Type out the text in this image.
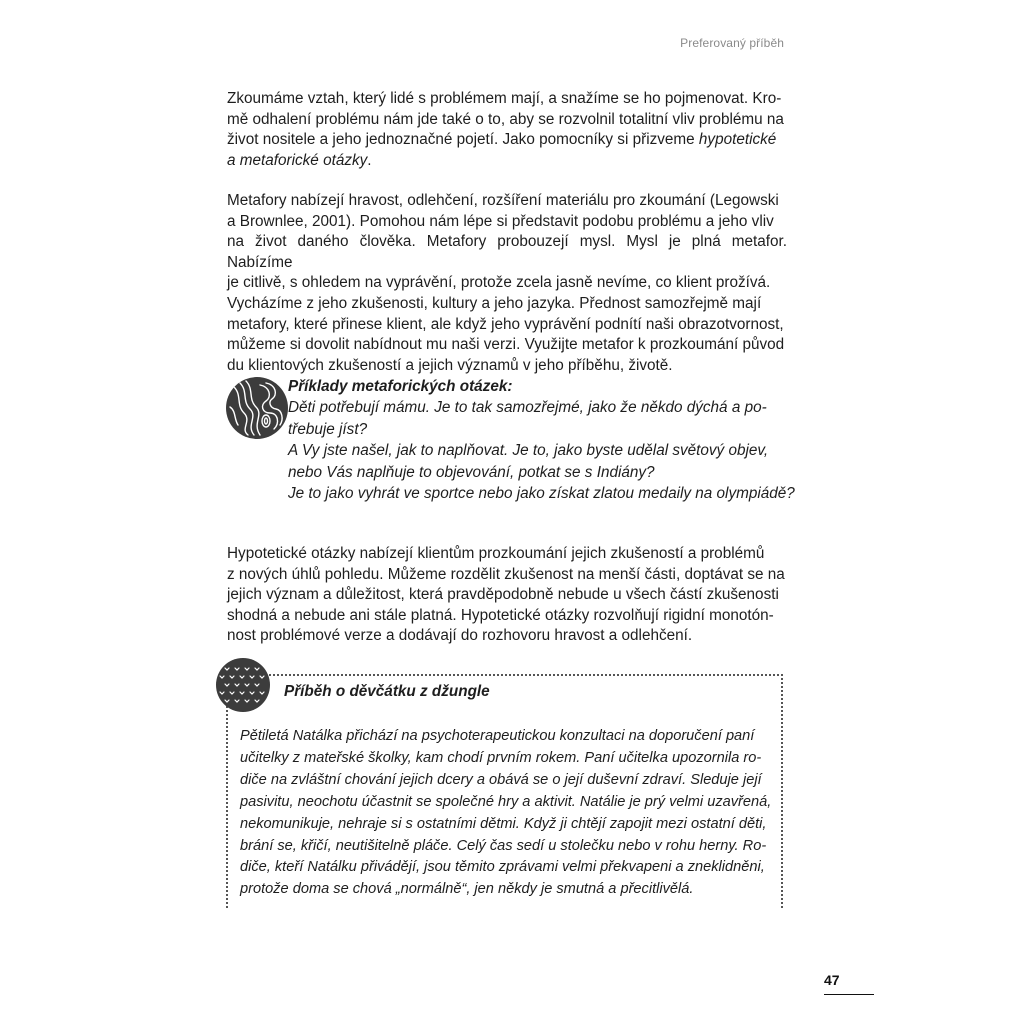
Preferovaný příběh

Zkoumáme vztah, který lidé s problémem mají, a snažíme se ho pojmenovat. Kro-
mě odhalení problému nám jde také o to, aby se rozvolnil totalitní vliv problému na
život nositele a jeho jednoznačné pojetí. Jako pomocníky si přizveme hypotetické
a metaforické otázky.

Metafory nabízejí hravost, odlehčení, rozšíření materiálu pro zkoumání (Legowski
a Brownlee, 2001). Pomohou nám lépe si představit podobu problému a jeho vliv
na život daného člověka. Metafory probouzejí mysl. Mysl je plná metafor. Nabízíme
je citlivě, s ohledem na vyprávění, protože zcela jasně nevíme, co klient prožívá.
Vycházíme z jeho zkušenosti, kultury a jeho jazyka. Přednost samozřejmě mají
metafory, které přinese klient, ale když jeho vyprávění podnítí naši obrazotvornost,
můžeme si dovolit nabídnout mu naši verzi. Využijte metafor k prozkoumání původ
du klientových zkušeností a jejich významů v jeho příběhu, životě.

Příklady metaforických otázek:
Děti potřebují mámu. Je to tak samozřejmé, jako že někdo dýchá a po-
třebuje jíst?
A Vy jste našel, jak to naplňovat. Je to, jako byste udělal světový objev,
nebo Vás naplňuje to objevování, potkat se s Indiány?
Je to jako vyhrát ve sportce nebo jako získat zlatou medaily na olympiádě?

Hypotetické otázky nabízejí klientům prozkoumání jejich zkušeností a problémů
z nových úhlů pohledu. Můžeme rozdělit zkušenost na menší části, doptávat se na
jejich význam a důležitost, která pravděpodobně nebude u všech částí zkušenosti
shodná a nebude ani stále platná. Hypotetické otázky rozvolňují rigidní monotón-
nost problémové verze a dodávají do rozhovoru hravost a odlehčení.

Příběh o děvčátku z džungle
Pětiletá Natálka přichází na psychoterapeutickou konzultaci na doporučení paní
učitelky z mateřské školky, kam chodí prvním rokem. Paní učitelka upozornila ro-
diče na zvláštní chování jejich dcery a obává se o její duševní zdraví. Sleduje její
pasivitu, neochotu účastnit se společné hry a aktivit. Natálie je prý velmi uzavřená,
nekomunikuje, nehraje si s ostatními dětmi. Když ji chtějí zapojit mezi ostatní děti,
brání se, křičí, neutišitelně pláče. Celý čas sedí u stolečku nebo v rohu herny. Ro-
diče, kteří Natálku přivádějí, jsou těmito zprávami velmi překvapeni a zneklidněni,
protože doma se chová „normálně“, jen někdy je smutná a přecitlivělá.
47
